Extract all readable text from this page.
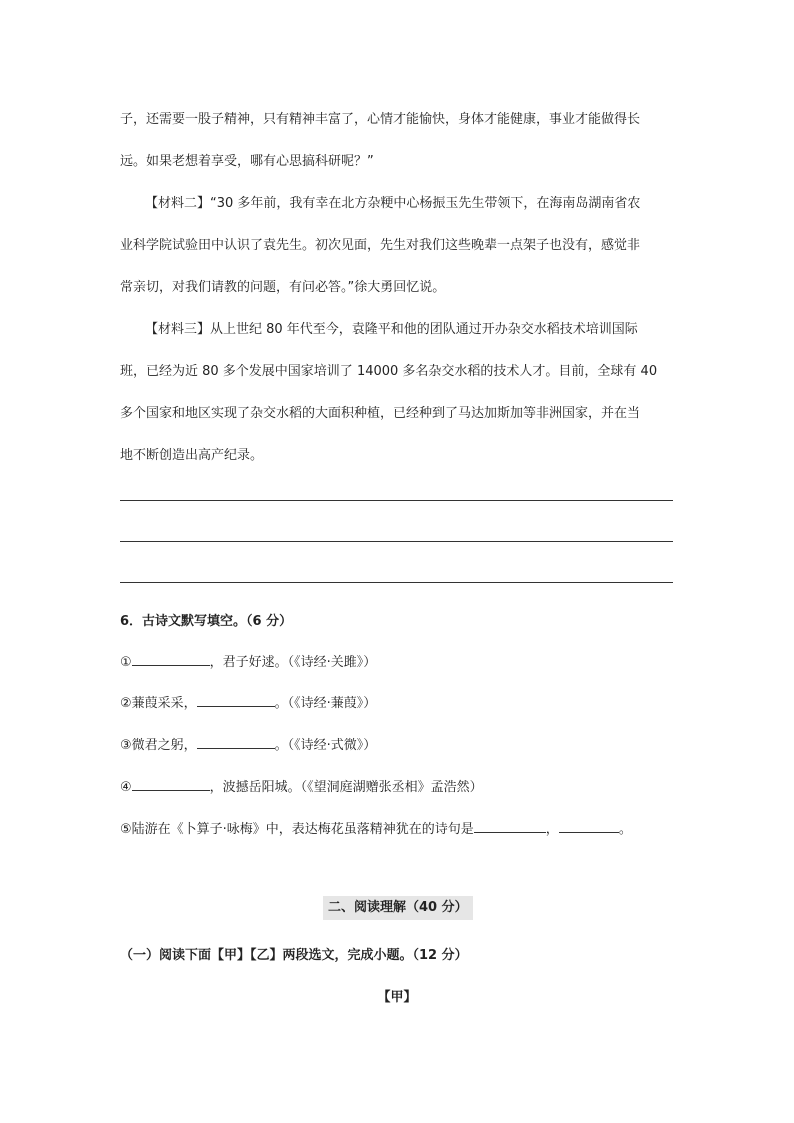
子，还需要一股子精神，只有精神丰富了，心情才能愉快，身体才能健康，事业才能做得长
远。如果老想着享受，哪有心思搞科研呢？”
【材料二】“30 多年前，我有幸在北方杂粳中心杨振玉先生带领下，在海南岛湖南省农
业科学院试验田中认识了袁先生。初次见面，先生对我们这些晚辈一点架子也没有，感觉非
常亲切，对我们请教的问题，有问必答。”徐大勇回忆说。
【材料三】从上世纪 80 年代至今，袁隆平和他的团队通过开办杂交水稻技术培训国际
班，已经为近 80 多个发展中国家培训了 14000 多名杂交水稻的技术人才。目前，全球有 40
多个国家和地区实现了杂交水稻的大面积种植，已经种到了马达加斯加等非洲国家，并在当
地不断创造出高产纪录。
6．古诗文默写填空。（6 分）
①	，君子好逑。（《诗经·关雎》）
②蒹葭采采，	。（《诗经·蒹葭》）
③微君之躬，	。（《诗经·式微》）
④	，波撼岳阳城。（《望洞庭湖赠张丞相》孟浩然）
⑤陆游在《卜算子·咏梅》中，表达梅花虽落精神犹在的诗句是	，	。
二、阅读理解（40 分）
（一）阅读下面【甲】【乙】两段选文，完成小题。（12 分）
【甲】
